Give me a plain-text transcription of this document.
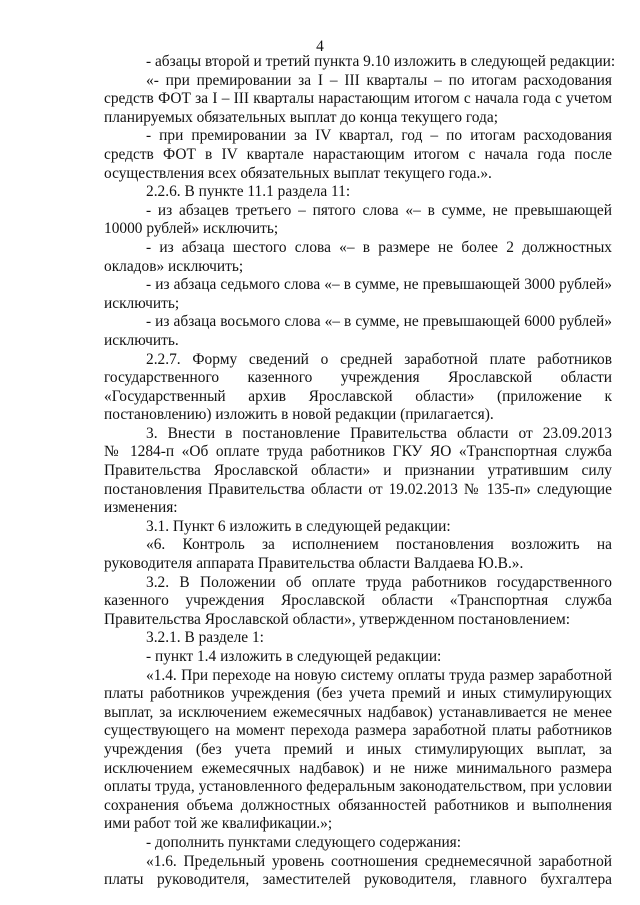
4
- абзацы второй и третий пункта 9.10 изложить в следующей редакции:
«- при премировании за I – III кварталы – по итогам расходования
средств ФОТ за I – III кварталы нарастающим итогом с начала года с учетом
планируемых обязательных выплат до конца текущего года;
- при премировании за IV квартал, год – по итогам расходования
средств ФОТ в IV квартале нарастающим итогом с начала года после
осуществления всех обязательных выплат текущего года.».
2.2.6. В пункте 11.1 раздела 11:
- из абзацев третьего – пятого слова «– в сумме, не превышающей
10000 рублей» исключить;
- из абзаца шестого слова «– в размере не более 2 должностных
окладов» исключить;
- из абзаца седьмого слова «– в сумме, не превышающей 3000 рублей»
исключить;
- из абзаца восьмого слова «– в сумме, не превышающей 6000 рублей»
исключить.
2.2.7. Форму сведений о средней заработной плате работников
государственного казенного учреждения Ярославской области
«Государственный архив Ярославской области» (приложение к
постановлению) изложить в новой редакции (прилагается).
3. Внести в постановление Правительства области от 23.09.2013
№ 1284-п «Об оплате труда работников ГКУ ЯО «Транспортная служба
Правительства Ярославской области» и признании утратившим силу
постановления Правительства области от 19.02.2013 № 135-п» следующие
изменения:
3.1. Пункт 6 изложить в следующей редакции:
«6. Контроль за исполнением постановления возложить на
руководителя аппарата Правительства области Валдаева Ю.В.».
3.2. В Положении об оплате труда работников государственного
казенного учреждения Ярославской области «Транспортная служба
Правительства Ярославской области», утвержденном постановлением:
3.2.1. В разделе 1:
- пункт 1.4 изложить в следующей редакции:
«1.4. При переходе на новую систему оплаты труда размер заработной
платы работников учреждения (без учета премий и иных стимулирующих
выплат, за исключением ежемесячных надбавок) устанавливается не менее
существующего на момент перехода размера заработной платы работников
учреждения (без учета премий и иных стимулирующих выплат, за
исключением ежемесячных надбавок) и не ниже минимального размера
оплаты труда, установленного федеральным законодательством, при условии
сохранения объема должностных обязанностей работников и выполнения
ими работ той же квалификации.»;
- дополнить пунктами следующего содержания:
«1.6. Предельный уровень соотношения среднемесячной заработной
платы руководителя, заместителей руководителя, главного бухгалтера
